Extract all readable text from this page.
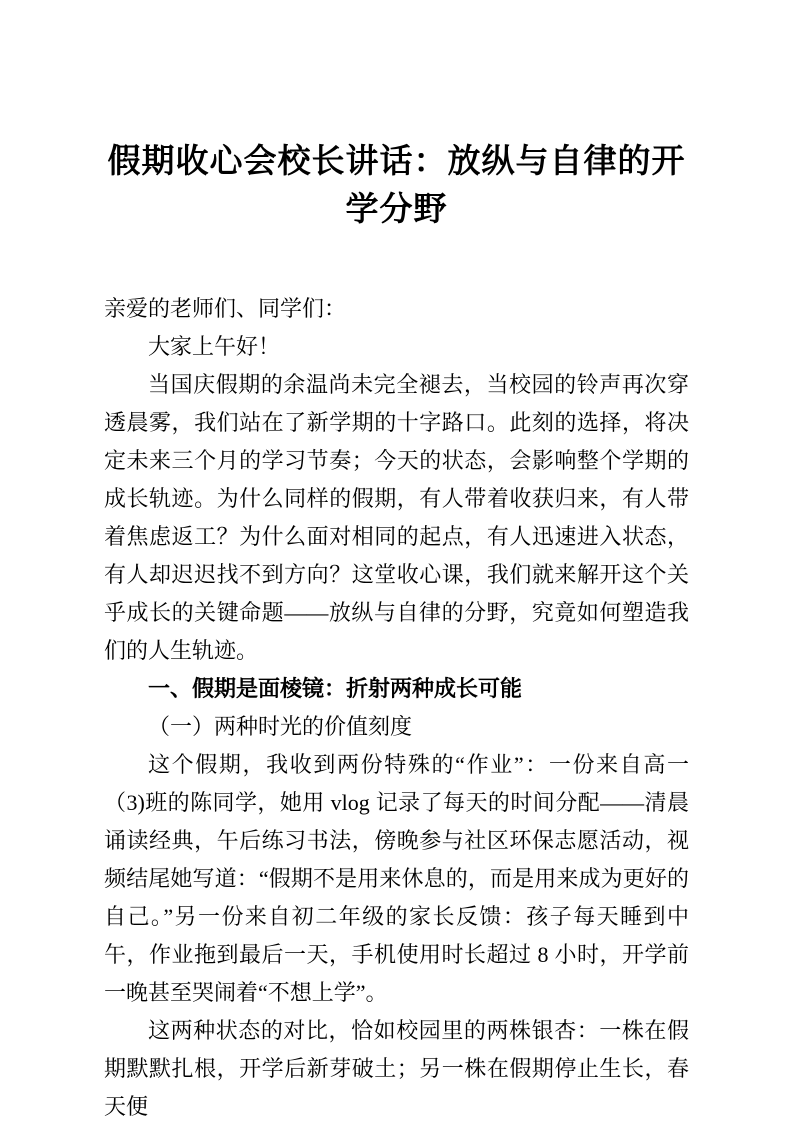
假期收心会校长讲话：放纵与自律的开学分野

亲爱的老师们、同学们：

大家上午好！

当国庆假期的余温尚未完全褪去，当校园的铃声再次穿透晨雾，我们站在了新学期的十字路口。此刻的选择，将决定未来三个月的学习节奏；今天的状态，会影响整个学期的成长轨迹。为什么同样的假期，有人带着收获归来，有人带着焦虑返工？为什么面对相同的起点，有人迅速进入状态，有人却迟迟找不到方向？这堂收心课，我们就来解开这个关乎成长的关键命题——放纵与自律的分野，究竟如何塑造我们的人生轨迹。

一、假期是面棱镜：折射两种成长可能

（一）两种时光的价值刻度

这个假期，我收到两份特殊的“作业”：一份来自高一（3)班的陈同学，她用 vlog 记录了每天的时间分配——清晨诵读经典，午后练习书法，傍晚参与社区环保志愿活动，视频结尾她写道：“假期不是用来休息的，而是用来成为更好的自己。”另一份来自初二年级的家长反馈：孩子每天睡到中午，作业拖到最后一天，手机使用时长超过 8 小时，开学前一晚甚至哭闹着“不想上学”。

这两种状态的对比，恰如校园里的两株银杏：一株在假期默默扎根，开学后新芽破土；另一株在假期停止生长，春天便
